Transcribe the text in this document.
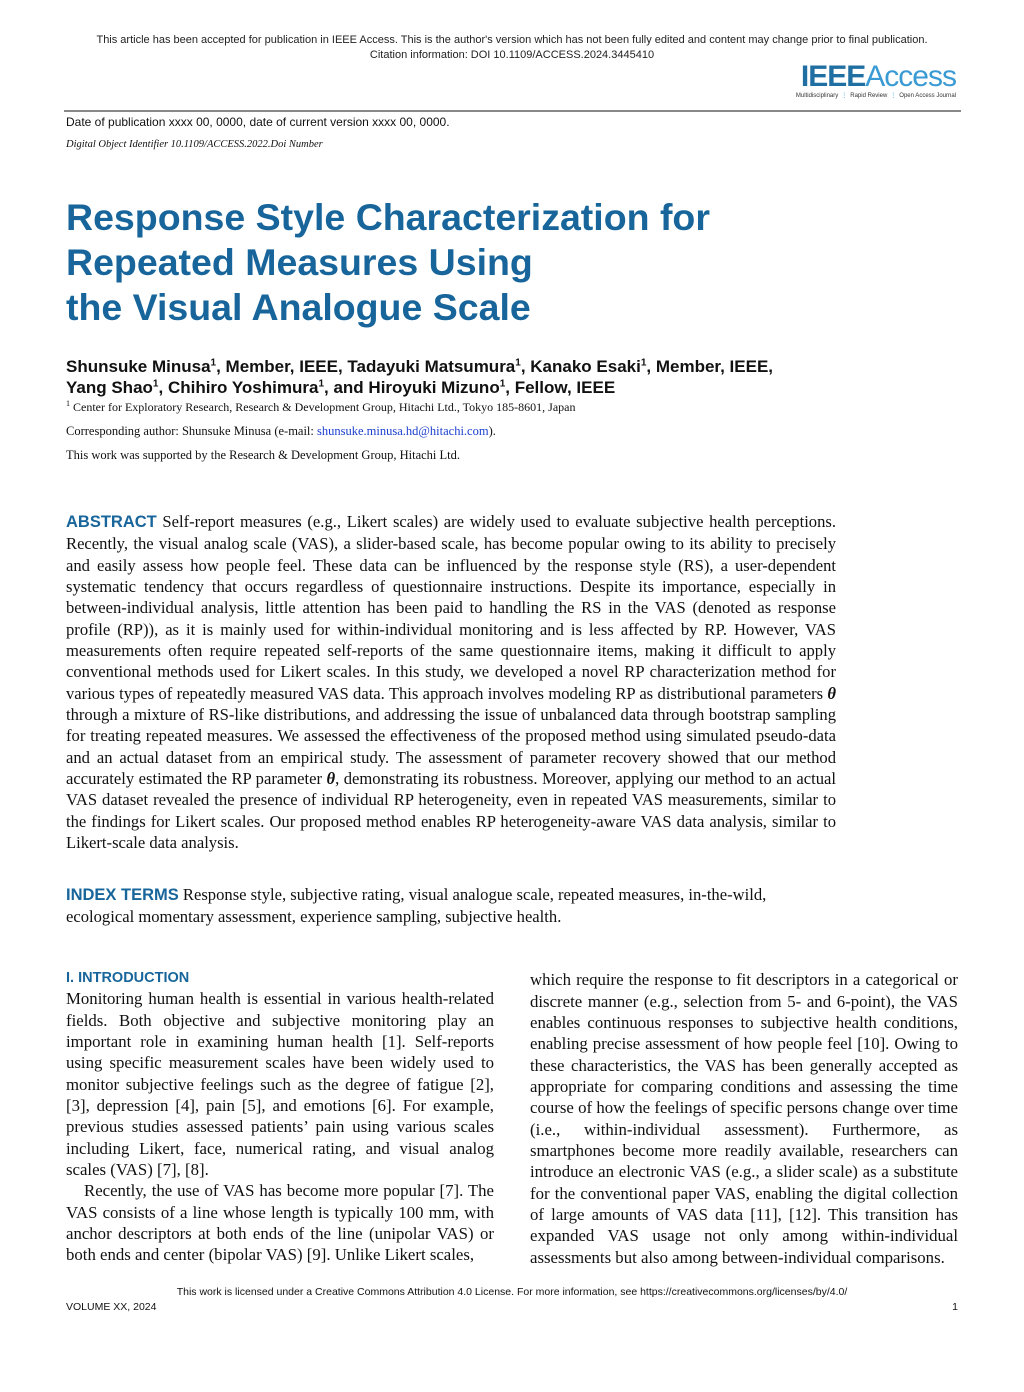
This article has been accepted for publication in IEEE Access. This is the author's version which has not been fully edited and content may change prior to final publication.
Citation information: DOI 10.1109/ACCESS.2024.3445410
IEEEAccess
Multidisciplinary ⋮ Rapid Review ⋮ Open Access Journal
Date of publication xxxx 00, 0000, date of current version xxxx 00, 0000.
Digital Object Identifier 10.1109/ACCESS.2022.Doi Number
Response Style Characterization for
Repeated Measures Using
the Visual Analogue Scale
Shunsuke Minusa$^1$, Member, IEEE, Tadayuki Matsumura$^1$, Kanako Esaki$^1$, Member, IEEE,
Yang Shao$^1$, Chihiro Yoshimura$^1$, and Hiroyuki Mizuno$^1$, Fellow, IEEE
$^1$ Center for Exploratory Research, Research & Development Group, Hitachi Ltd., Tokyo 185-8601, Japan
Corresponding author: Shunsuke Minusa (e-mail: shunsuke.minusa.hd@hitachi.com).
This work was supported by the Research & Development Group, Hitachi Ltd.
ABSTRACT Self-report measures (e.g., Likert scales) are widely used to evaluate subjective health perceptions. Recently, the visual analog scale (VAS), a slider-based scale, has become popular owing to its ability to precisely and easily assess how people feel. These data can be influenced by the response style (RS), a user-dependent systematic tendency that occurs regardless of questionnaire instructions. Despite its importance, especially in between-individual analysis, little attention has been paid to handling the RS in the VAS (denoted as response profile (RP)), as it is mainly used for within-individual monitoring and is less affected by RP. However, VAS measurements often require repeated self-reports of the same questionnaire items, making it difficult to apply conventional methods used for Likert scales. In this study, we developed a novel RP characterization method for various types of repeatedly measured VAS data. This approach involves modeling RP as distributional parameters θ through a mixture of RS-like distributions, and addressing the issue of unbalanced data through bootstrap sampling for treating repeated measures. We assessed the effectiveness of the proposed method using simulated pseudo-data and an actual dataset from an empirical study. The assessment of parameter recovery showed that our method accurately estimated the RP parameter θ, demonstrating its robustness. Moreover, applying our method to an actual VAS dataset revealed the presence of individual RP heterogeneity, even in repeated VAS measurements, similar to the findings for Likert scales. Our proposed method enables RP heterogeneity-aware VAS data analysis, similar to Likert-scale data analysis.
INDEX TERMS Response style, subjective rating, visual analogue scale, repeated measures, in-the-wild, ecological momentary assessment, experience sampling, subjective health.
I. INTRODUCTION
Monitoring human health is essential in various health-related fields. Both objective and subjective monitoring play an important role in examining human health [1]. Self-reports using specific measurement scales have been widely used to monitor subjective feelings such as the degree of fatigue [2], [3], depression [4], pain [5], and emotions [6]. For example, previous studies assessed patients’ pain using various scales including Likert, face, numerical rating, and visual analog scales (VAS) [7], [8].
Recently, the use of VAS has become more popular [7]. The VAS consists of a line whose length is typically 100 mm, with anchor descriptors at both ends of the line (unipolar VAS) or both ends and center (bipolar VAS) [9]. Unlike Likert scales,
which require the response to fit descriptors in a categorical or discrete manner (e.g., selection from 5- and 6-point), the VAS enables continuous responses to subjective health conditions, enabling precise assessment of how people feel [10]. Owing to these characteristics, the VAS has been generally accepted as appropriate for comparing conditions and assessing the time course of how the feelings of specific persons change over time (i.e., within-individual assessment). Furthermore, as smartphones become more readily available, researchers can introduce an electronic VAS (e.g., a slider scale) as a substitute for the conventional paper VAS, enabling the digital collection of large amounts of VAS data [11], [12]. This transition has expanded VAS usage not only among within-individual assessments but also among between-individual comparisons.
This work is licensed under a Creative Commons Attribution 4.0 License. For more information, see https://creativecommons.org/licenses/by/4.0/
VOLUME XX, 2024	1
